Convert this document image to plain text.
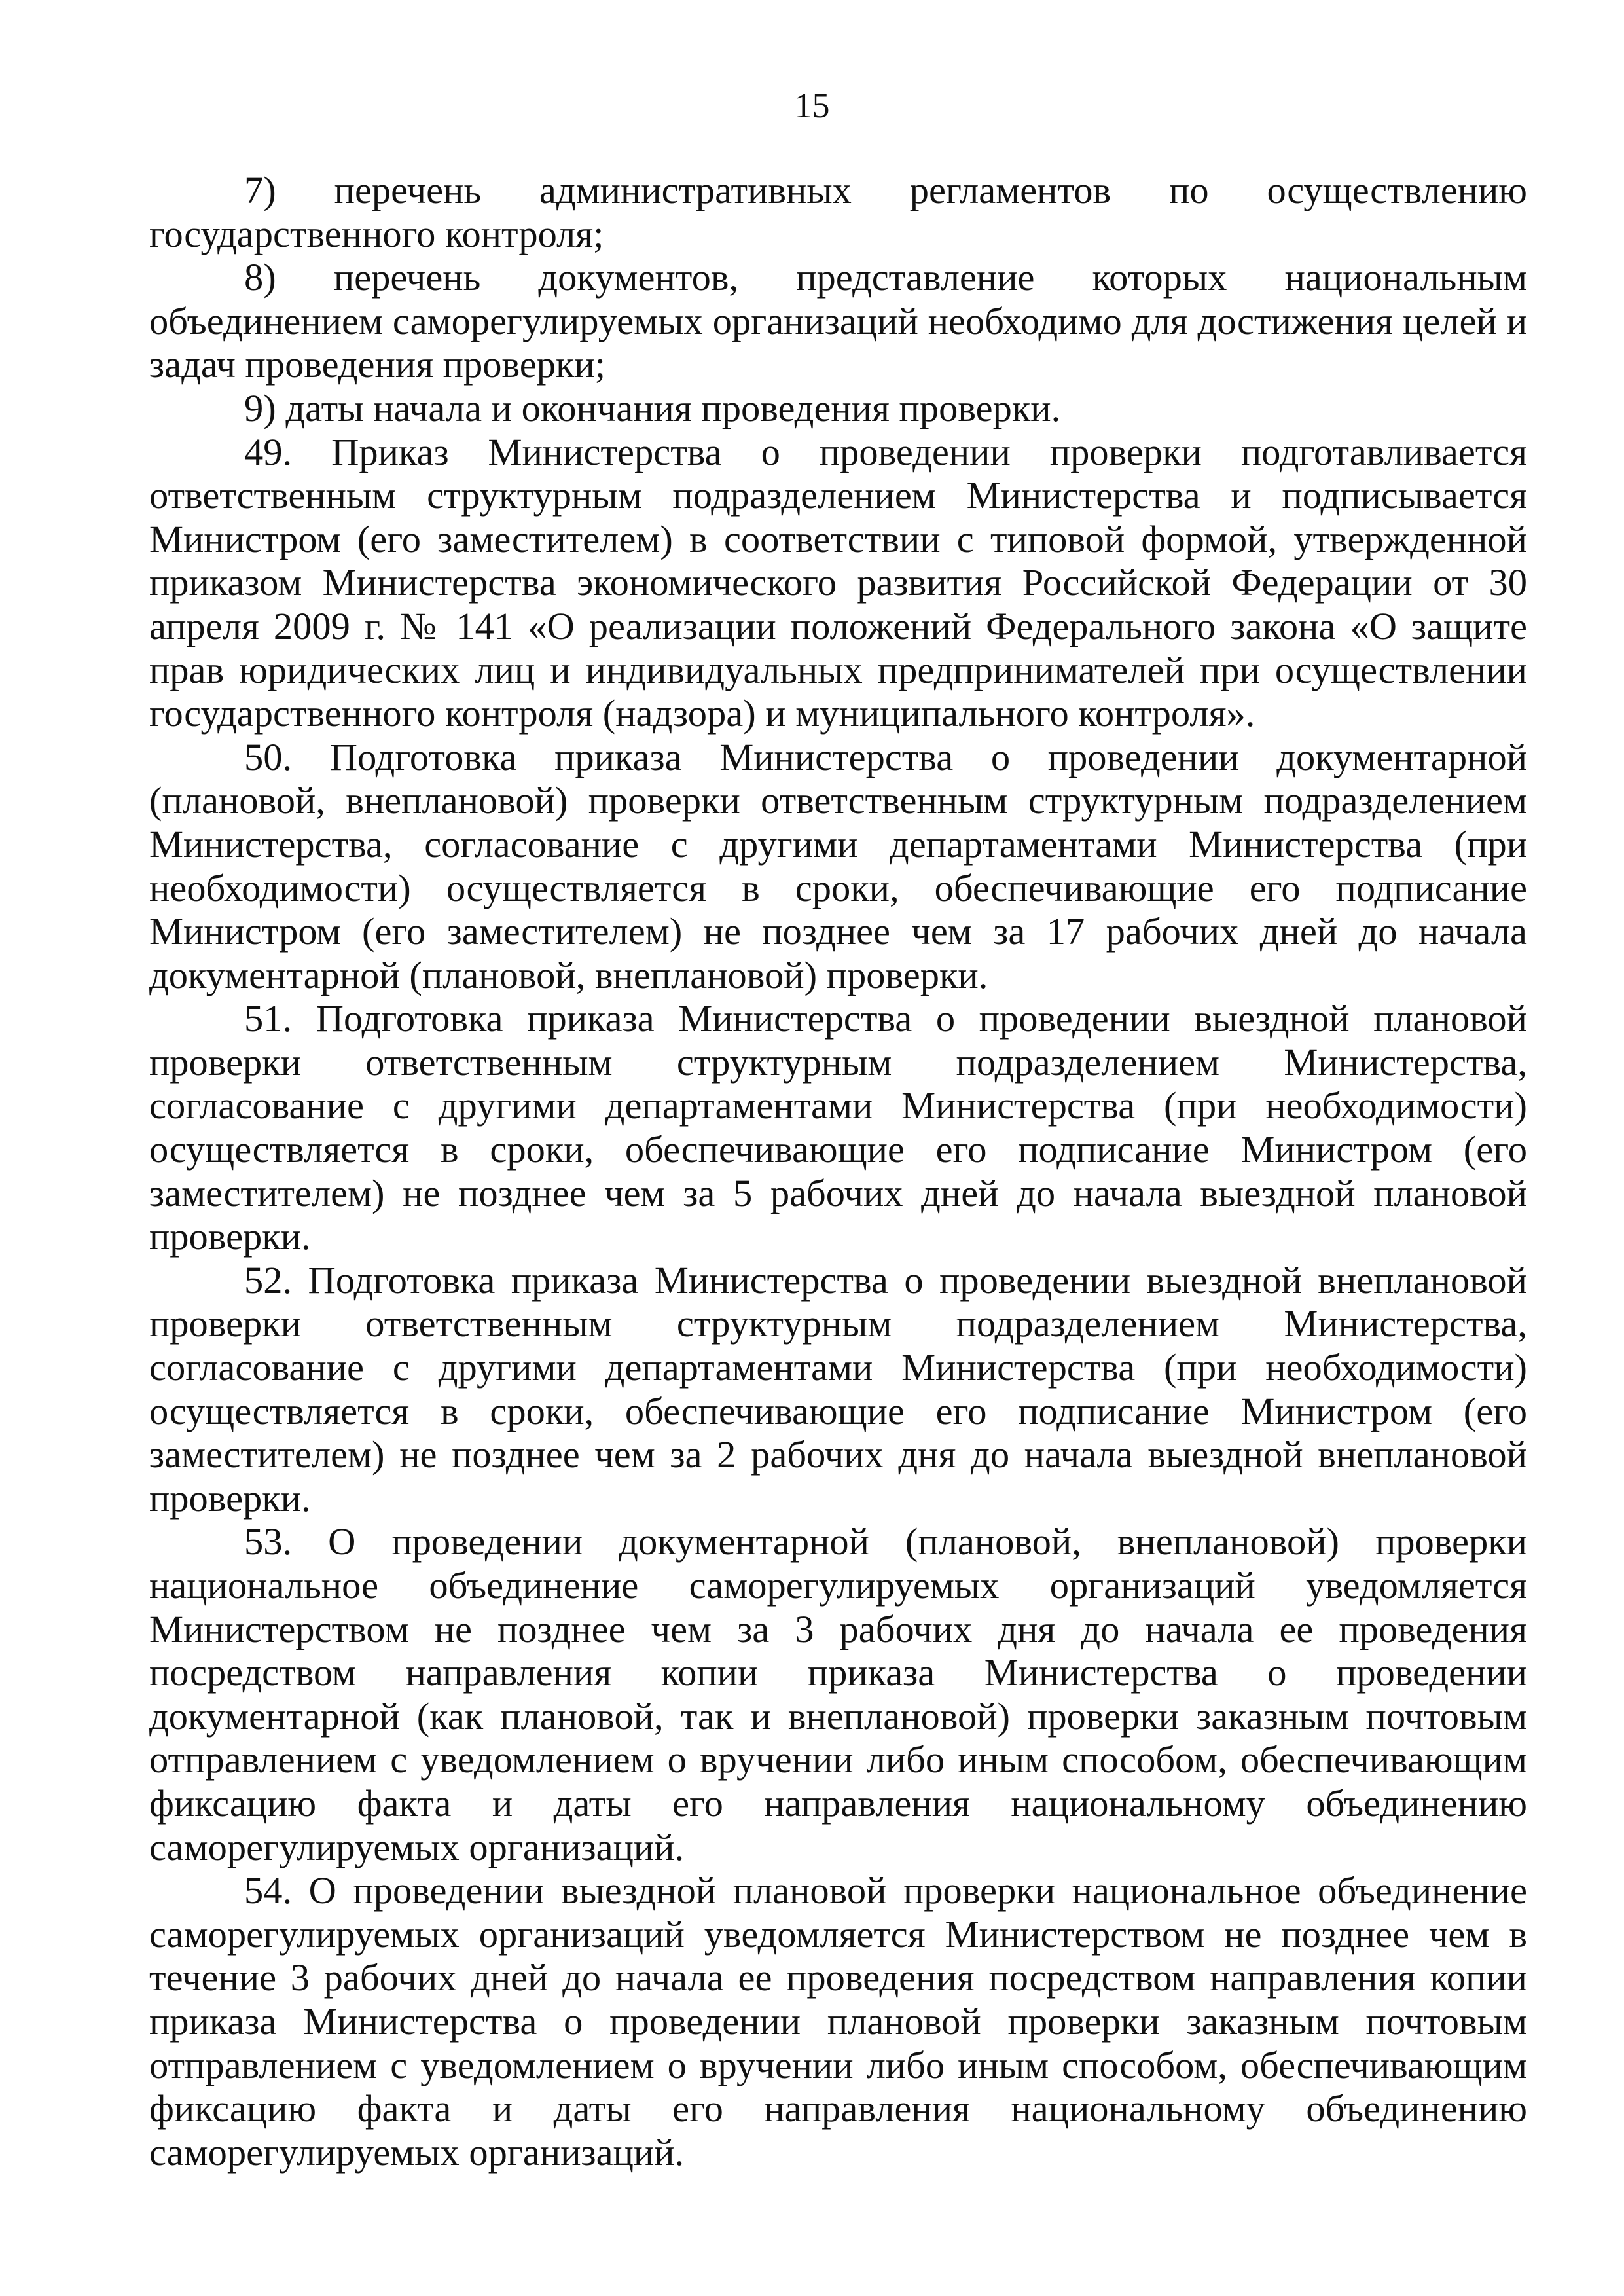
15

7) перечень административных регламентов по осуществлению государственного контроля;

8) перечень документов, представление которых национальным объединением саморегулируемых организаций необходимо для достижения целей и задач проведения проверки;

9) даты начала и окончания проведения проверки.

49. Приказ Министерства о проведении проверки подготавливается ответственным структурным подразделением Министерства и подписывается Министром (его заместителем) в соответствии с типовой формой, утвержденной приказом Министерства экономического развития Российской Федерации от 30 апреля 2009 г. № 141 «О реализации положений Федерального закона «О защите прав юридических лиц и индивидуальных предпринимателей при осуществлении государственного контроля (надзора) и муниципального контроля».

50. Подготовка приказа Министерства о проведении документарной (плановой, внеплановой) проверки ответственным структурным подразделением Министерства, согласование с другими департаментами Министерства (при необходимости) осуществляется в сроки, обеспечивающие его подписание Министром (его заместителем) не позднее чем за 17 рабочих дней до начала документарной (плановой, внеплановой) проверки.

51. Подготовка приказа Министерства о проведении выездной плановой проверки ответственным структурным подразделением Министерства, согласование с другими департаментами Министерства (при необходимости) осуществляется в сроки, обеспечивающие его подписание Министром (его заместителем) не позднее чем за 5 рабочих дней до начала выездной плановой проверки.

52. Подготовка приказа Министерства о проведении выездной внеплановой проверки ответственным структурным подразделением Министерства, согласование с другими департаментами Министерства (при необходимости) осуществляется в сроки, обеспечивающие его подписание Министром (его заместителем) не позднее чем за 2 рабочих дня до начала выездной внеплановой проверки.

53. О проведении документарной (плановой, внеплановой) проверки национальное объединение саморегулируемых организаций уведомляется Министерством не позднее чем за 3 рабочих дня до начала ее проведения посредством направления копии приказа Министерства о проведении документарной (как плановой, так и внеплановой) проверки заказным почтовым отправлением с уведомлением о вручении либо иным способом, обеспечивающим фиксацию факта и даты его направления национальному объединению саморегулируемых организаций.

54. О проведении выездной плановой проверки национальное объединение саморегулируемых организаций уведомляется Министерством не позднее чем в течение 3 рабочих дней до начала ее проведения посредством направления копии приказа Министерства о проведении плановой проверки заказным почтовым отправлением с уведомлением о вручении либо иным способом, обеспечивающим фиксацию факта и даты его направления национальному объединению саморегулируемых организаций.
